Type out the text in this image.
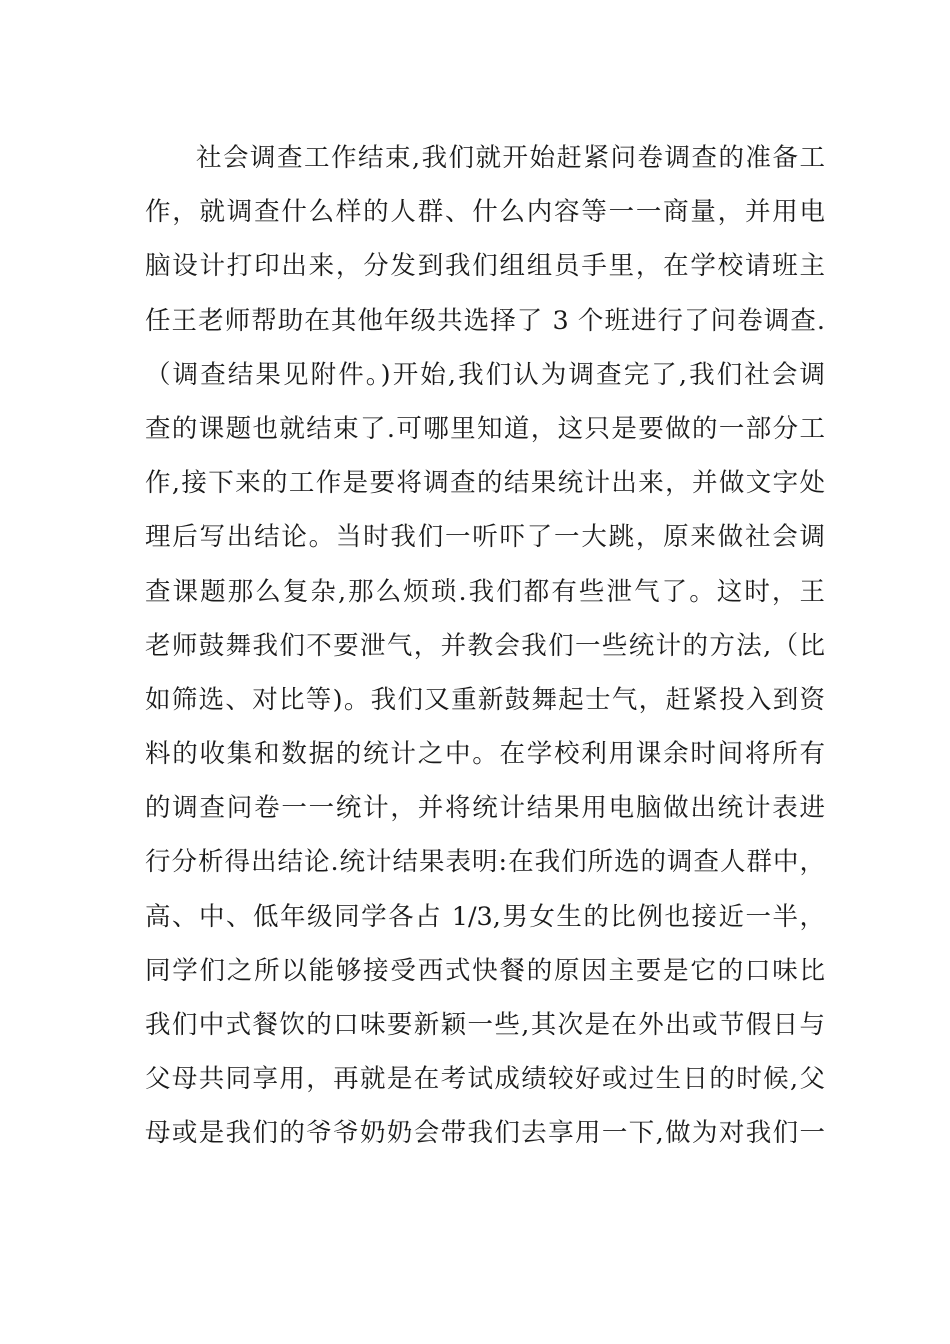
社会调查工作结束,我们就开始赶紧问卷调查的准备工
作，就调查什么样的人群、什么内容等一一商量，并用电
脑设计打印出来，分发到我们组组员手里，在学校请班主
任王老师帮助在其他年级共选择了 3 个班进行了问卷调查.
（调查结果见附件。)开始,我们认为调查完了,我们社会调
查的课题也就结束了.可哪里知道，这只是要做的一部分工
作,接下来的工作是要将调查的结果统计出来，并做文字处
理后写出结论。当时我们一听吓了一大跳，原来做社会调
查课题那么复杂,那么烦琐.我们都有些泄气了。这时，王
老师鼓舞我们不要泄气，并教会我们一些统计的方法,（比
如筛选、对比等)。我们又重新鼓舞起士气，赶紧投入到资
料的收集和数据的统计之中。在学校利用课余时间将所有
的调查问卷一一统计，并将统计结果用电脑做出统计表进
行分析得出结论.统计结果表明:在我们所选的调查人群中，
高、中、低年级同学各占 1/3,男女生的比例也接近一半，
同学们之所以能够接受西式快餐的原因主要是它的口味比
我们中式餐饮的口味要新颖一些,其次是在外出或节假日与
父母共同享用，再就是在考试成绩较好或过生日的时候,父
母或是我们的爷爷奶奶会带我们去享用一下,做为对我们一
